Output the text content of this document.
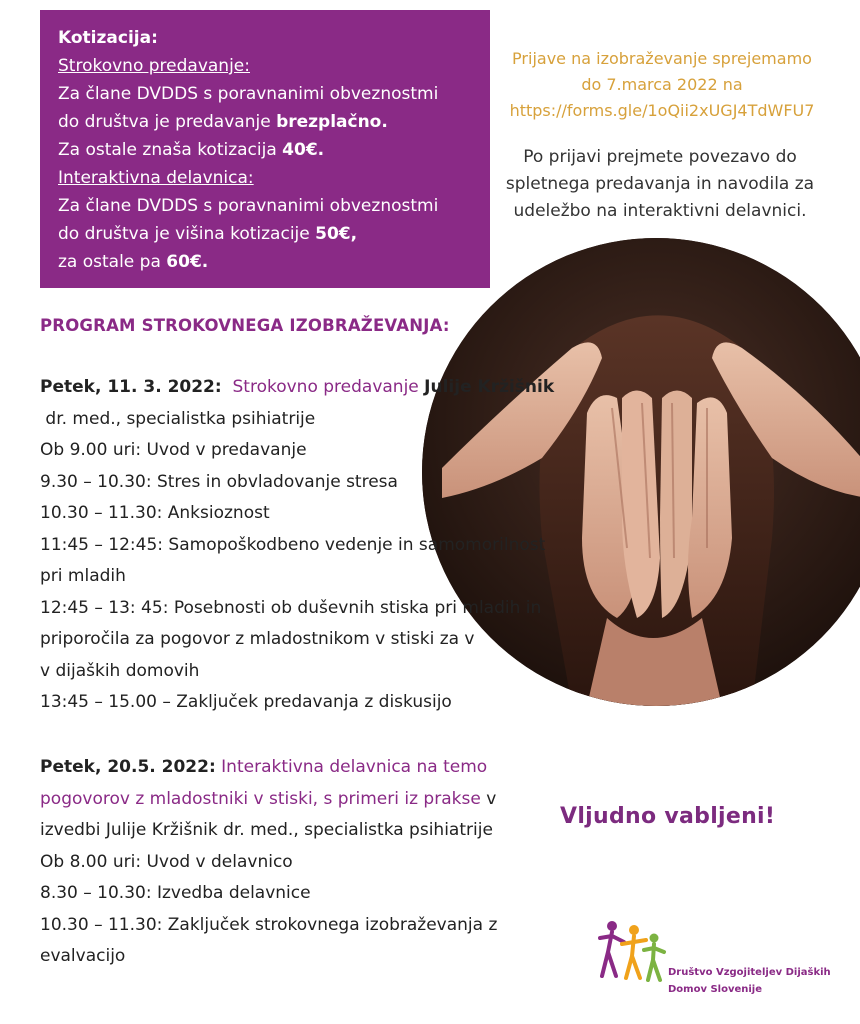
Kotizacija:
Strokovno predavanje:
Za člane DVDDS s poravnanimi obveznostmi
do društva je predavanje brezplačno.
Za ostale znaša kotizacija 40€.
Interaktivna delavnica:
Za člane DVDDS s poravnanimi obveznostmi
do društva je višina kotizacije 50€,
za ostale pa 60€.
Prijave na izobraževanje sprejemamo
do 7.marca 2022 na
https://forms.gle/1oQii2xUGJ4TdWFU7
Po prijavi prejmete povezavo do
spletnega predavanja in navodila za
udeležbo na interaktivni delavnici.
PROGRAM STROKOVNEGA IZOBRAŽEVANJA:
Petek, 11. 3. 2022: Strokovno predavanje Julije Kržišnik
dr. med., specialistka psihiatrije
Ob 9.00 uri: Uvod v predavanje
9.30 – 10.30: Stres in obvladovanje stresa
10.30 – 11.30: Anksioznost
11:45 – 12:45: Samopoškodbeno vedenje in samomorilnost
pri mladih
12:45 – 13: 45: Posebnosti ob duševnih stiska pri mladih in
priporočila za pogovor z mladostnikom v stiski za v
v dijaških domovih
13:45 – 15.00 – Zaključek predavanja z diskusijo
Petek, 20.5. 2022: Interaktivna delavnica na temo
pogovorov z mladostniki v stiski, s primeri iz prakse v
izvedbi Julije Kržišnik dr. med., specialistka psihiatrije
Ob 8.00 uri: Uvod v delavnico
8.30 – 10.30: Izvedba delavnice
10.30 – 11.30: Zaključek strokovnega izobraževanja z
evalvacijo
Vljudno vabljeni!
Društvo Vzgojiteljev Dijaških
Domov Slovenije
